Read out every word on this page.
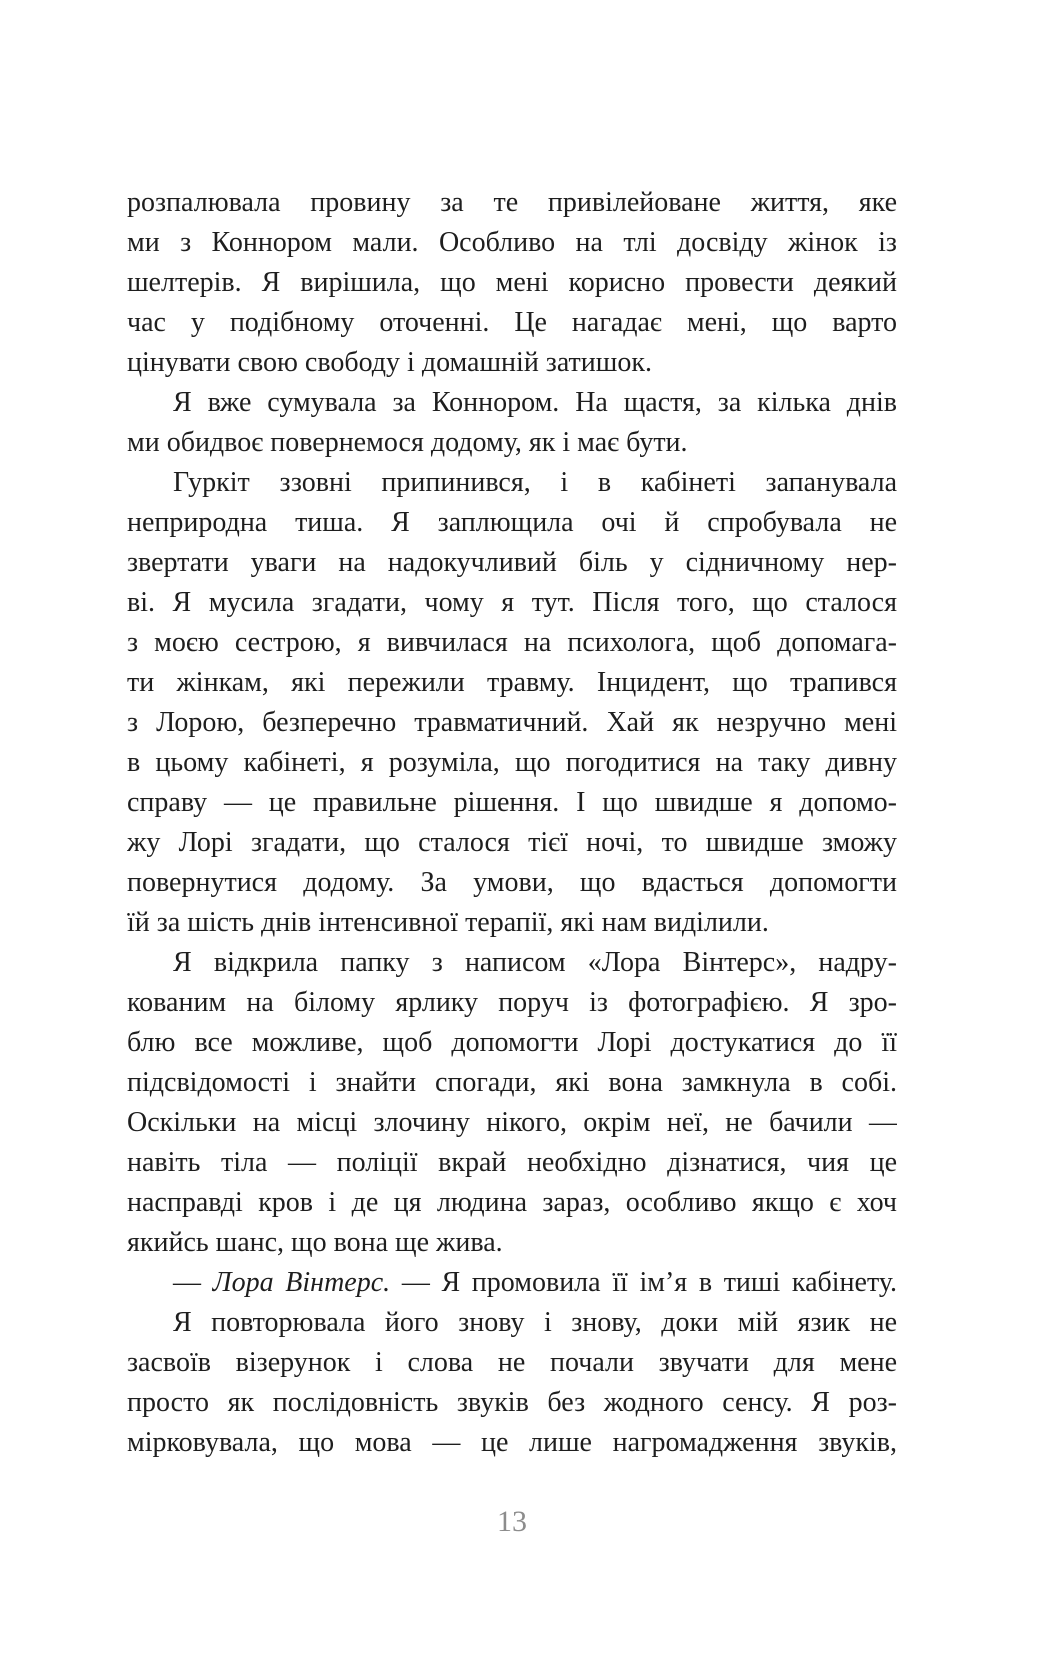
розпалювала провину за те привілейоване життя, яке
ми з Коннором мали. Особливо на тлі досвіду жінок із
шелтерів. Я вирішила, що мені корисно провести деякий
час у подібному оточенні. Це нагадає мені, що варто
цінувати свою свободу і домашній затишок.
Я вже сумувала за Коннором. На щастя, за кілька днів
ми обидвоє повернемося додому, як і має бути.
Гуркіт ззовні припинився, і в кабінеті запанувала
неприродна тиша. Я заплющила очі й спробувала не
звертати уваги на надокучливий біль у сідничному нер-
ві. Я мусила згадати, чому я тут. Після того, що сталося
з моєю сестрою, я вивчилася на психолога, щоб допомага-
ти жінкам, які пережили травму. Інцидент, що трапився
з Лорою, безперечно травматичний. Хай як незручно мені
в цьому кабінеті, я розуміла, що погодитися на таку дивну
справу — це правильне рішення. І що швидше я допомо-
жу Лорі згадати, що сталося тієї ночі, то швидше зможу
повернутися додому. За умови, що вдасться допомогти
їй за шість днів інтенсивної терапії, які нам виділили.
Я відкрила папку з написом «Лора Вінтерс», надру-
кованим на білому ярлику поруч із фотографією. Я зро-
блю все можливе, щоб допомогти Лорі достукатися до її
підсвідомості і знайти спогади, які вона замкнула в собі.
Оскільки на місці злочину нікого, окрім неї, не бачили —
навіть тіла — поліції вкрай необхідно дізнатися, чия це
насправді кров і де ця людина зараз, особливо якщо є хоч
якийсь шанс, що вона ще жива.
— Лора Вінтерс. — Я промовила її ім’я в тиші кабінету.
Я повторювала його знову і знову, доки мій язик не
засвоїв візерунок і слова не почали звучати для мене
просто як послідовність звуків без жодного сенсу. Я роз-
мірковувала, що мова — це лише нагромадження звуків,
13
